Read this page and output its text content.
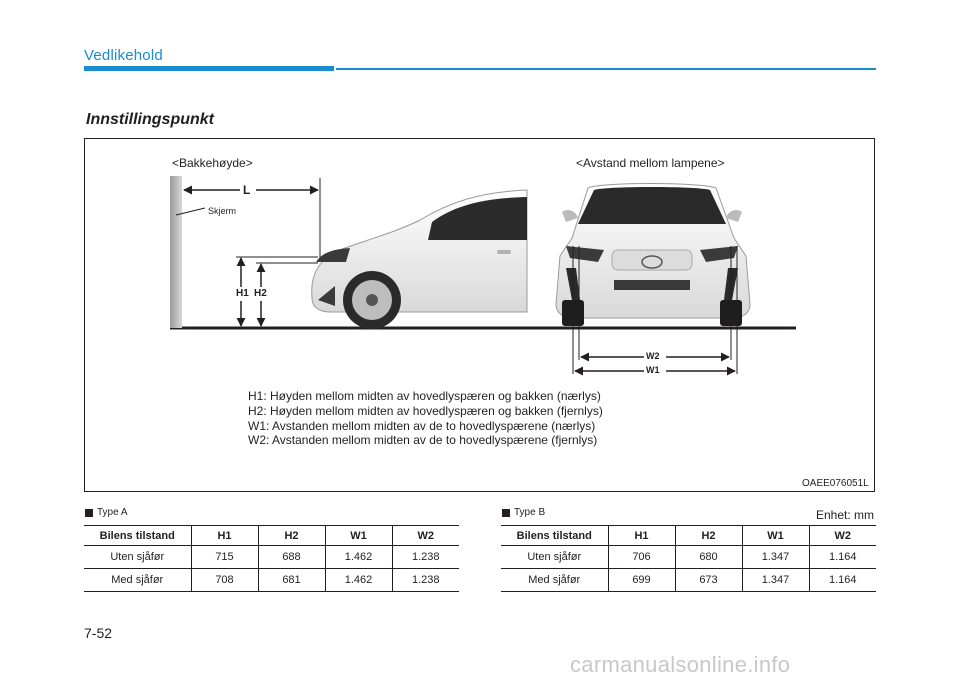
Vedlikehold
Innstillingspunkt
<Bakkehøyde>	<Avstand mellom lampene>
L
Skjerm
H1 H2
W2
W1
H1: Høyden mellom midten av hovedlyspæren og bakken (nærlys)
H2: Høyden mellom midten av hovedlyspæren og bakken (fjernlys)
W1: Avstanden mellom midten av de to hovedlyspærene (nærlys)
W2: Avstanden mellom midten av de to hovedlyspærene (fjernlys)
OAEE076051L
Type A
Bilens tilstand	H1	H2	W1	W2
Uten sjåfør	715	688	1.462	1.238
Med sjåfør	708	681	1.462	1.238
Type B	Enhet: mm
Bilens tilstand	H1	H2	W1	W2
Uten sjåfør	706	680	1.347	1.164
Med sjåfør	699	673	1.347	1.164
7-52
carmanualsonline.info
